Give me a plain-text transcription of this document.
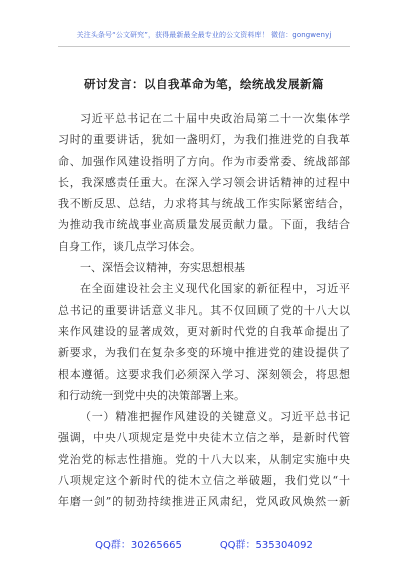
关注头条号“公文研究”，获得最新最全最专业的公文资料库！ 微信：gongwenyj
研讨发言：以自我革命为笔，绘统战发展新篇
习近平总书记在二十届中央政治局第二十一次集体学
习时的重要讲话，犹如一盏明灯，为我们推进党的自我革
命、加强作风建设指明了方向。作为市委常委、统战部部
长，我深感责任重大。在深入学习领会讲话精神的过程中
我不断反思、总结，力求将其与统战工作实际紧密结合，
为推动我市统战事业高质量发展贡献力量。下面，我结合
自身工作，谈几点学习体会。
一、深悟会议精神，夯实思想根基
在全面建设社会主义现代化国家的新征程中，习近平
总书记的重要讲话意义非凡。其不仅回顾了党的十八大以
来作风建设的显著成效，更对新时代党的自我革命提出了
新要求，为我们在复杂多变的环境中推进党的建设提供了
根本遵循。这要求我们必须深入学习、深刻领会，将思想
和行动统一到党中央的决策部署上来。
（一）精准把握作风建设的关键意义。习近平总书记
强调，中央八项规定是党中央徒木立信之举，是新时代管
党治党的标志性措施。党的十八大以来，从制定实施中央
八项规定这个新时代的徙木立信之举破题，我们党以“十
年磨一剑”的韧劲持续推进正风肃纪，党风政风焕然一新
QQ群：30265665	QQ群：535304092
